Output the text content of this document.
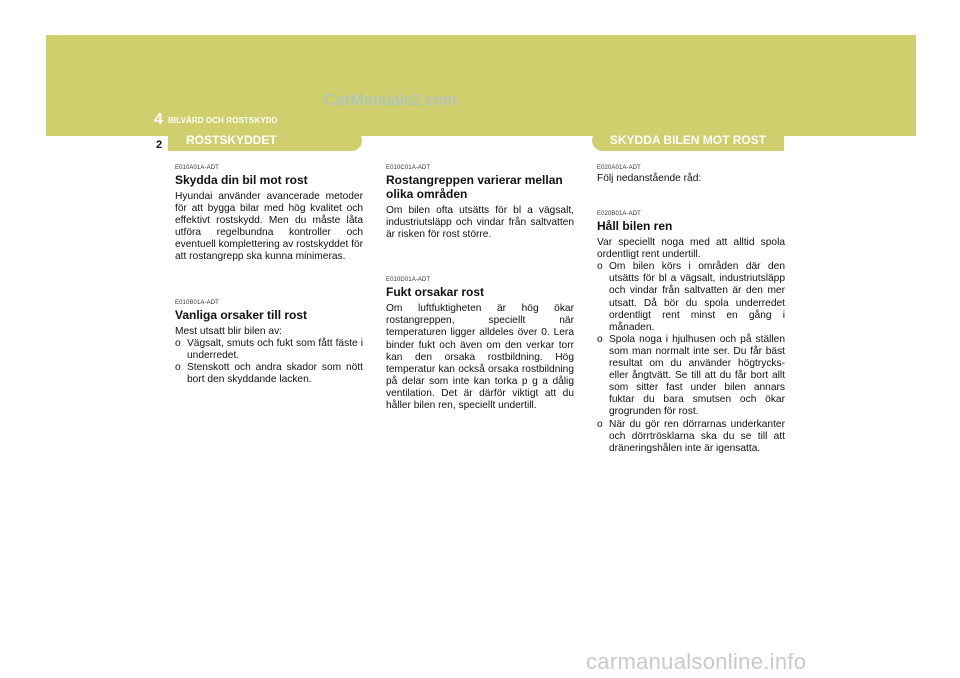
CarManuals2.com
4 BILVÅRD OCH ROSTSKYDD
2	ROSTSKYDDET	SKYDDA BILEN MOT ROST

E010A01A-ADT

Skydda din bil mot rost

Hyundai använder avancerade metoder för att bygga bilar med hög kvalitet och effektivt rostskydd. Men du måste låta utföra regelbundna kontroller och eventuell komplettering av rostskyddet för att rostangrepp ska kunna minimeras.

E010B01A-ADT

Vanliga orsaker till rost

Mest utsatt blir bilen av:

o Vägsalt, smuts och fukt som fått fäste i underredet.
o Stenskott och andra skador som nött bort den skyddande lacken.

E010C01A-ADT

Rostangreppen varierar mellan olika områden

Om bilen ofta utsätts för bl a vägsalt, industriutsläpp och vindar från saltvatten är risken för rost större.

E010D01A-ADT

Fukt orsakar rost

Om luftfuktigheten är hög ökar rostangreppen, speciellt när temperaturen ligger alldeles över 0. Lera binder fukt och även om den verkar torr kan den orsaka rostbildning. Hög temperatur kan också orsaka rostbildning på delar som inte kan torka p g a dålig ventilation. Det är därför viktigt att du håller bilen ren, speciellt undertill.

E020A01A-ADT

Följ nedanstående råd:

E020B01A-ADT

Håll bilen ren

Var speciellt noga med att alltid spola ordentligt rent undertill.

o Om bilen körs i områden där den utsätts för bl a vägsalt, industriutsläpp och vindar från saltvatten är den mer utsatt. Då bör du spola underredet ordentligt rent minst en gång i månaden.
o Spola noga i hjulhusen och på ställen som man normalt inte ser. Du får bäst resultat om du använder högtrycks- eller ångtvätt. Se till att du får bort allt som sitter fast under bilen annars fuktar du bara smutsen och ökar grogrunden för rost.
o När du gör ren dörrarnas underkanter och dörrtrösklarna ska du se till att dräneringshålen inte är igensatta.
carmanualsonline.info
